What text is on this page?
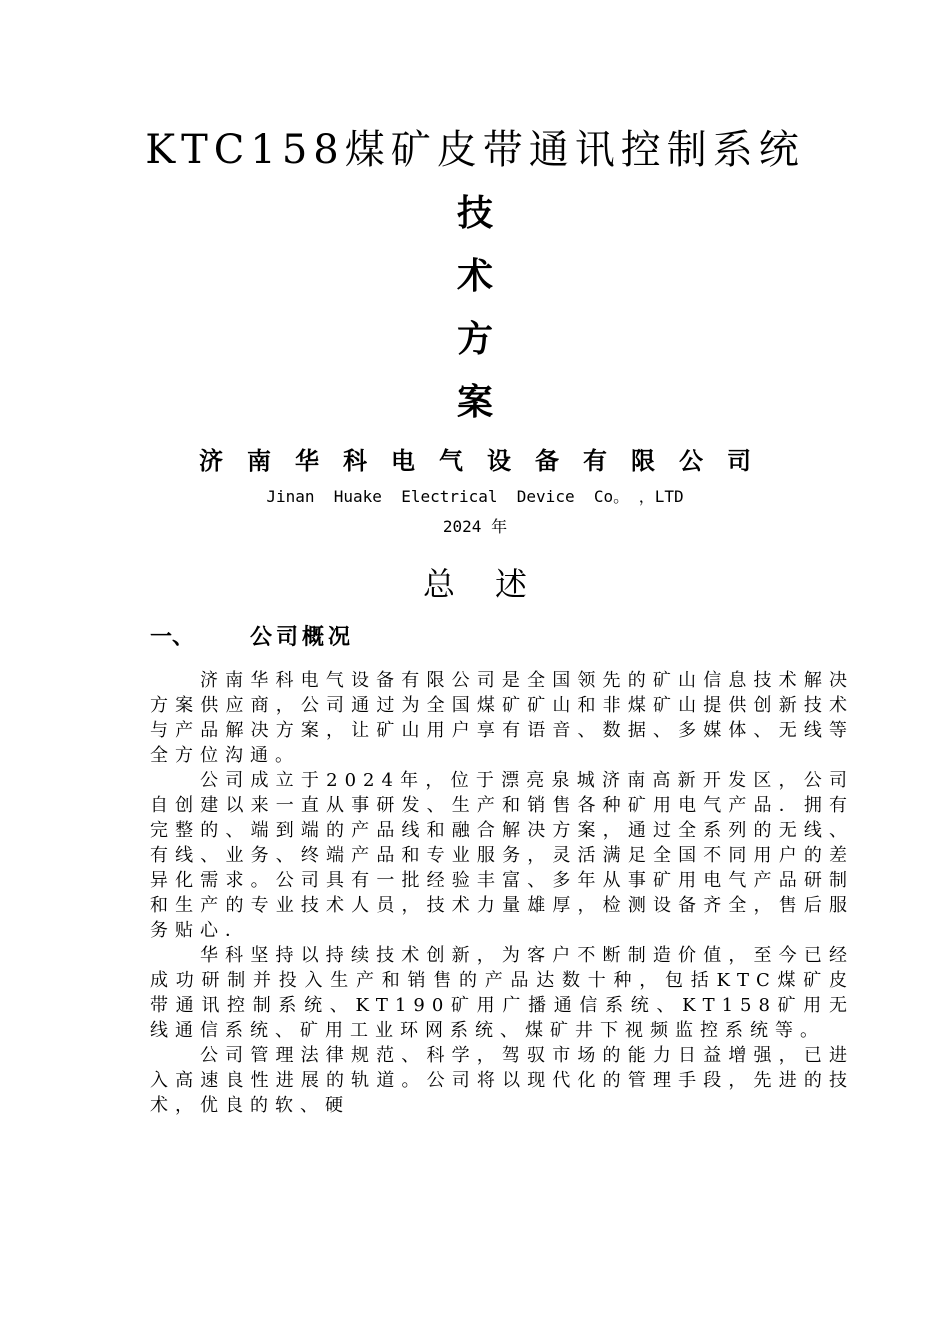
KTC158煤矿皮带通讯控制系统
技
术
方
案
济南华科电气设备有限公司
Jinan  Huake  Electrical  Device  Co。 ，LTD
2024 年
总述
一、	公司概况

济南华科电气设备有限公司是全国领先的矿山信息技术解决方案供应商，公司通过为全国煤矿矿山和非煤矿山提供创新技术与产品解决方案，让矿山用户享有语音、数据、多媒体、无线等全方位沟通。

公司成立于2024年，位于漂亮泉城济南高新开发区，公司自创建以来一直从事研发、生产和销售各种矿用电气产品．拥有完整的、端到端的产品线和融合解决方案，通过全系列的无线、有线、业务、终端产品和专业服务，灵活满足全国不同用户的差异化需求。公司具有一批经验丰富、多年从事矿用电气产品研制和生产的专业技术人员，技术力量雄厚，检测设备齐全，售后服务贴心．

华科坚持以持续技术创新，为客户不断制造价值，至今已经成功研制并投入生产和销售的产品达数十种，包括KTC煤矿皮带通讯控制系统、KT190矿用广播通信系统、KT158矿用无线通信系统、矿用工业环网系统、煤矿井下视频监控系统等。

公司管理法律规范、科学，驾驭市场的能力日益增强，已进入高速良性进展的轨道。公司将以现代化的管理手段，先进的技术，优良的软、硬
